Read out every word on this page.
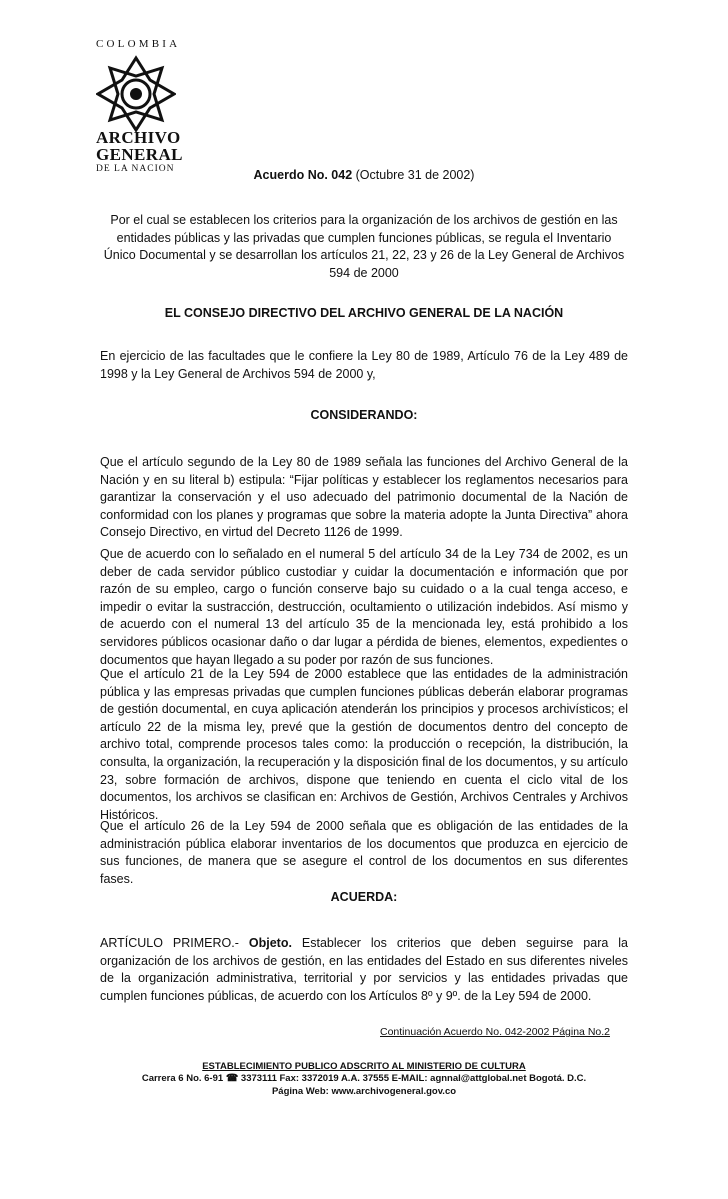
COLOMBIA
ARCHIVO
GENERAL
DE LA NACION	Acuerdo No. 042 (Octubre 31 de 2002)
Por el cual se establecen los criterios para la organización de los archivos de gestión en las entidades públicas y las privadas que cumplen funciones públicas, se regula el Inventario Único Documental y se desarrollan los artículos 21, 22, 23 y 26 de la Ley General de Archivos 594 de 2000
EL CONSEJO DIRECTIVO DEL ARCHIVO GENERAL DE LA NACIÓN
En ejercicio de las facultades que le confiere la Ley 80 de 1989, Artículo 76 de la Ley 489 de 1998 y la Ley General de Archivos 594 de 2000 y,
CONSIDERANDO:
Que el artículo segundo de la Ley 80 de 1989 señala las funciones del Archivo General de la Nación y en su literal b) estipula: “Fijar políticas y establecer los reglamentos necesarios para garantizar la conservación y el uso adecuado del patrimonio documental de la Nación de conformidad con los planes y programas que sobre la materia adopte la Junta Directiva” ahora Consejo Directivo, en virtud del Decreto 1126 de 1999.
Que de acuerdo con lo señalado en el numeral 5 del artículo 34 de la Ley 734 de 2002, es un deber de cada servidor público custodiar y cuidar la documentación e información que por razón de su empleo, cargo o función conserve bajo su cuidado o a la cual tenga acceso, e impedir o evitar la sustracción, destrucción, ocultamiento o utilización indebidos. Así mismo y de acuerdo con el numeral 13 del artículo 35 de la mencionada ley, está prohibido a los servidores públicos ocasionar daño o dar lugar a pérdida de bienes, elementos, expedientes o documentos que hayan llegado a su poder por razón de sus funciones.
Que el artículo 21 de la Ley 594 de 2000 establece que las entidades de la administración pública y las empresas privadas que cumplen funciones públicas deberán elaborar programas de gestión documental, en cuya aplicación atenderán los principios y procesos archivísticos; el artículo 22 de la misma ley, prevé que la gestión de documentos dentro del concepto de archivo total, comprende procesos tales como: la producción o recepción, la distribución, la consulta, la organización, la recuperación y la disposición final de los documentos, y su artículo 23, sobre formación de archivos, dispone que teniendo en cuenta el ciclo vital de los documentos, los archivos se clasifican en: Archivos de Gestión, Archivos Centrales y Archivos Históricos.
Que el artículo 26 de la Ley 594 de 2000 señala que es obligación de las entidades de la administración pública elaborar inventarios de los documentos que produzca en ejercicio de sus funciones, de manera que se asegure el control de los documentos en sus diferentes fases.
ACUERDA:
ARTÍCULO PRIMERO.- Objeto. Establecer los criterios que deben seguirse para la organización de los archivos de gestión, en las entidades del Estado en sus diferentes niveles de la organización administrativa, territorial y por servicios y las entidades privadas que cumplen funciones públicas, de acuerdo con los Artículos 8º y 9º. de la Ley 594 de 2000.
Continuación Acuerdo No. 042-2002 Página No.2
ESTABLECIMIENTO PUBLICO ADSCRITO AL MINISTERIO DE CULTURA
Carrera 6 No. 6-91 ☎ 3373111 Fax: 3372019 A.A. 37555 E-MAIL: agnnal@attglobal.net Bogotá. D.C.
Página Web: www.archivogeneral.gov.co
